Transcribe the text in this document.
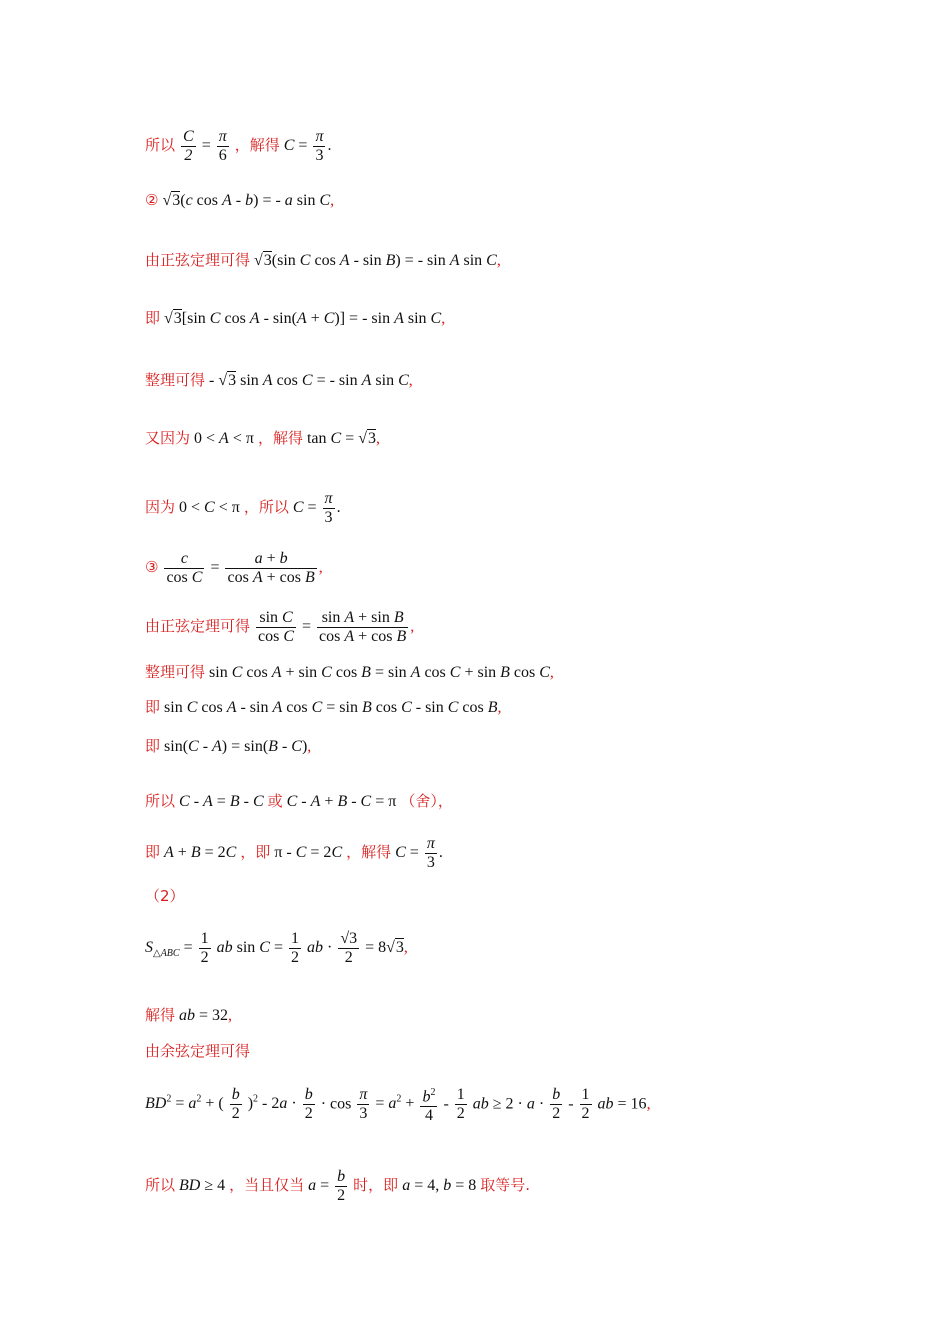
所以 $\frac{C}{2} = \frac{\pi}{6}$ ，解得 $C = \frac{\pi}{3}$ .
② √3(c cos A - b) = - a sin C,
由正弦定理可得 √3(sin C cos A - sin B) = - sin A sin C,
即 √3[sin C cos A - sin(A + C)] = - sin A sin C,
整理可得 - √3 sin A cos C = - sin A sin C,
又因为 0 < A < π ，解得 tan C = √3,
因为 0 < C < π ，所以 $C = \frac{\pi}{3}$ .
③ $\frac{c}{\text{cos C}} = \frac{a + b}{\text{cos A + cos B}}$ ,
由正弦定理可得 $\frac{\text{sin C}}{\text{cos C}} = \frac{\text{sin A + sin B}}{\text{cos A + cos B}}$ ,
整理可得 sin C cos A + sin C cos B = sin A cos C + sin B cos C,
即 sin C cos A - sin A cos C = sin B cos C - sin C cos B,
即 sin(C - A) = sin(B - C),
所以 C - A = B - C 或 C - A + B - C = π （舍），
即 A + B = 2C ，即 π - C = 2C ，解得 $C = \frac{\pi}{3}$ .
（2）
$S_{\triangle ABC} = \frac{1}{2}$ ab $\sin C = \frac{1}{2}$ ab · $\frac{√3}{2} = 8√3$,
解得 ab = 32,
由余弦定理可得
$BD^2 = a^2$ + ( $\frac{b}{2} )^2 - 2a \cdot \frac{b}{2} \cdot \cos \frac{\pi}{3} = a^2 + \frac{b^2}{4} - \frac{1}{2}$ ab ≥ $2 \cdot a \cdot \frac{b}{2} - \frac{1}{2}$ ab = 16,
所以 BD ≥ 4 ，当且仅当 $a = \frac{b}{2}$ 时，即 a = 4, b = 8 取等号.
